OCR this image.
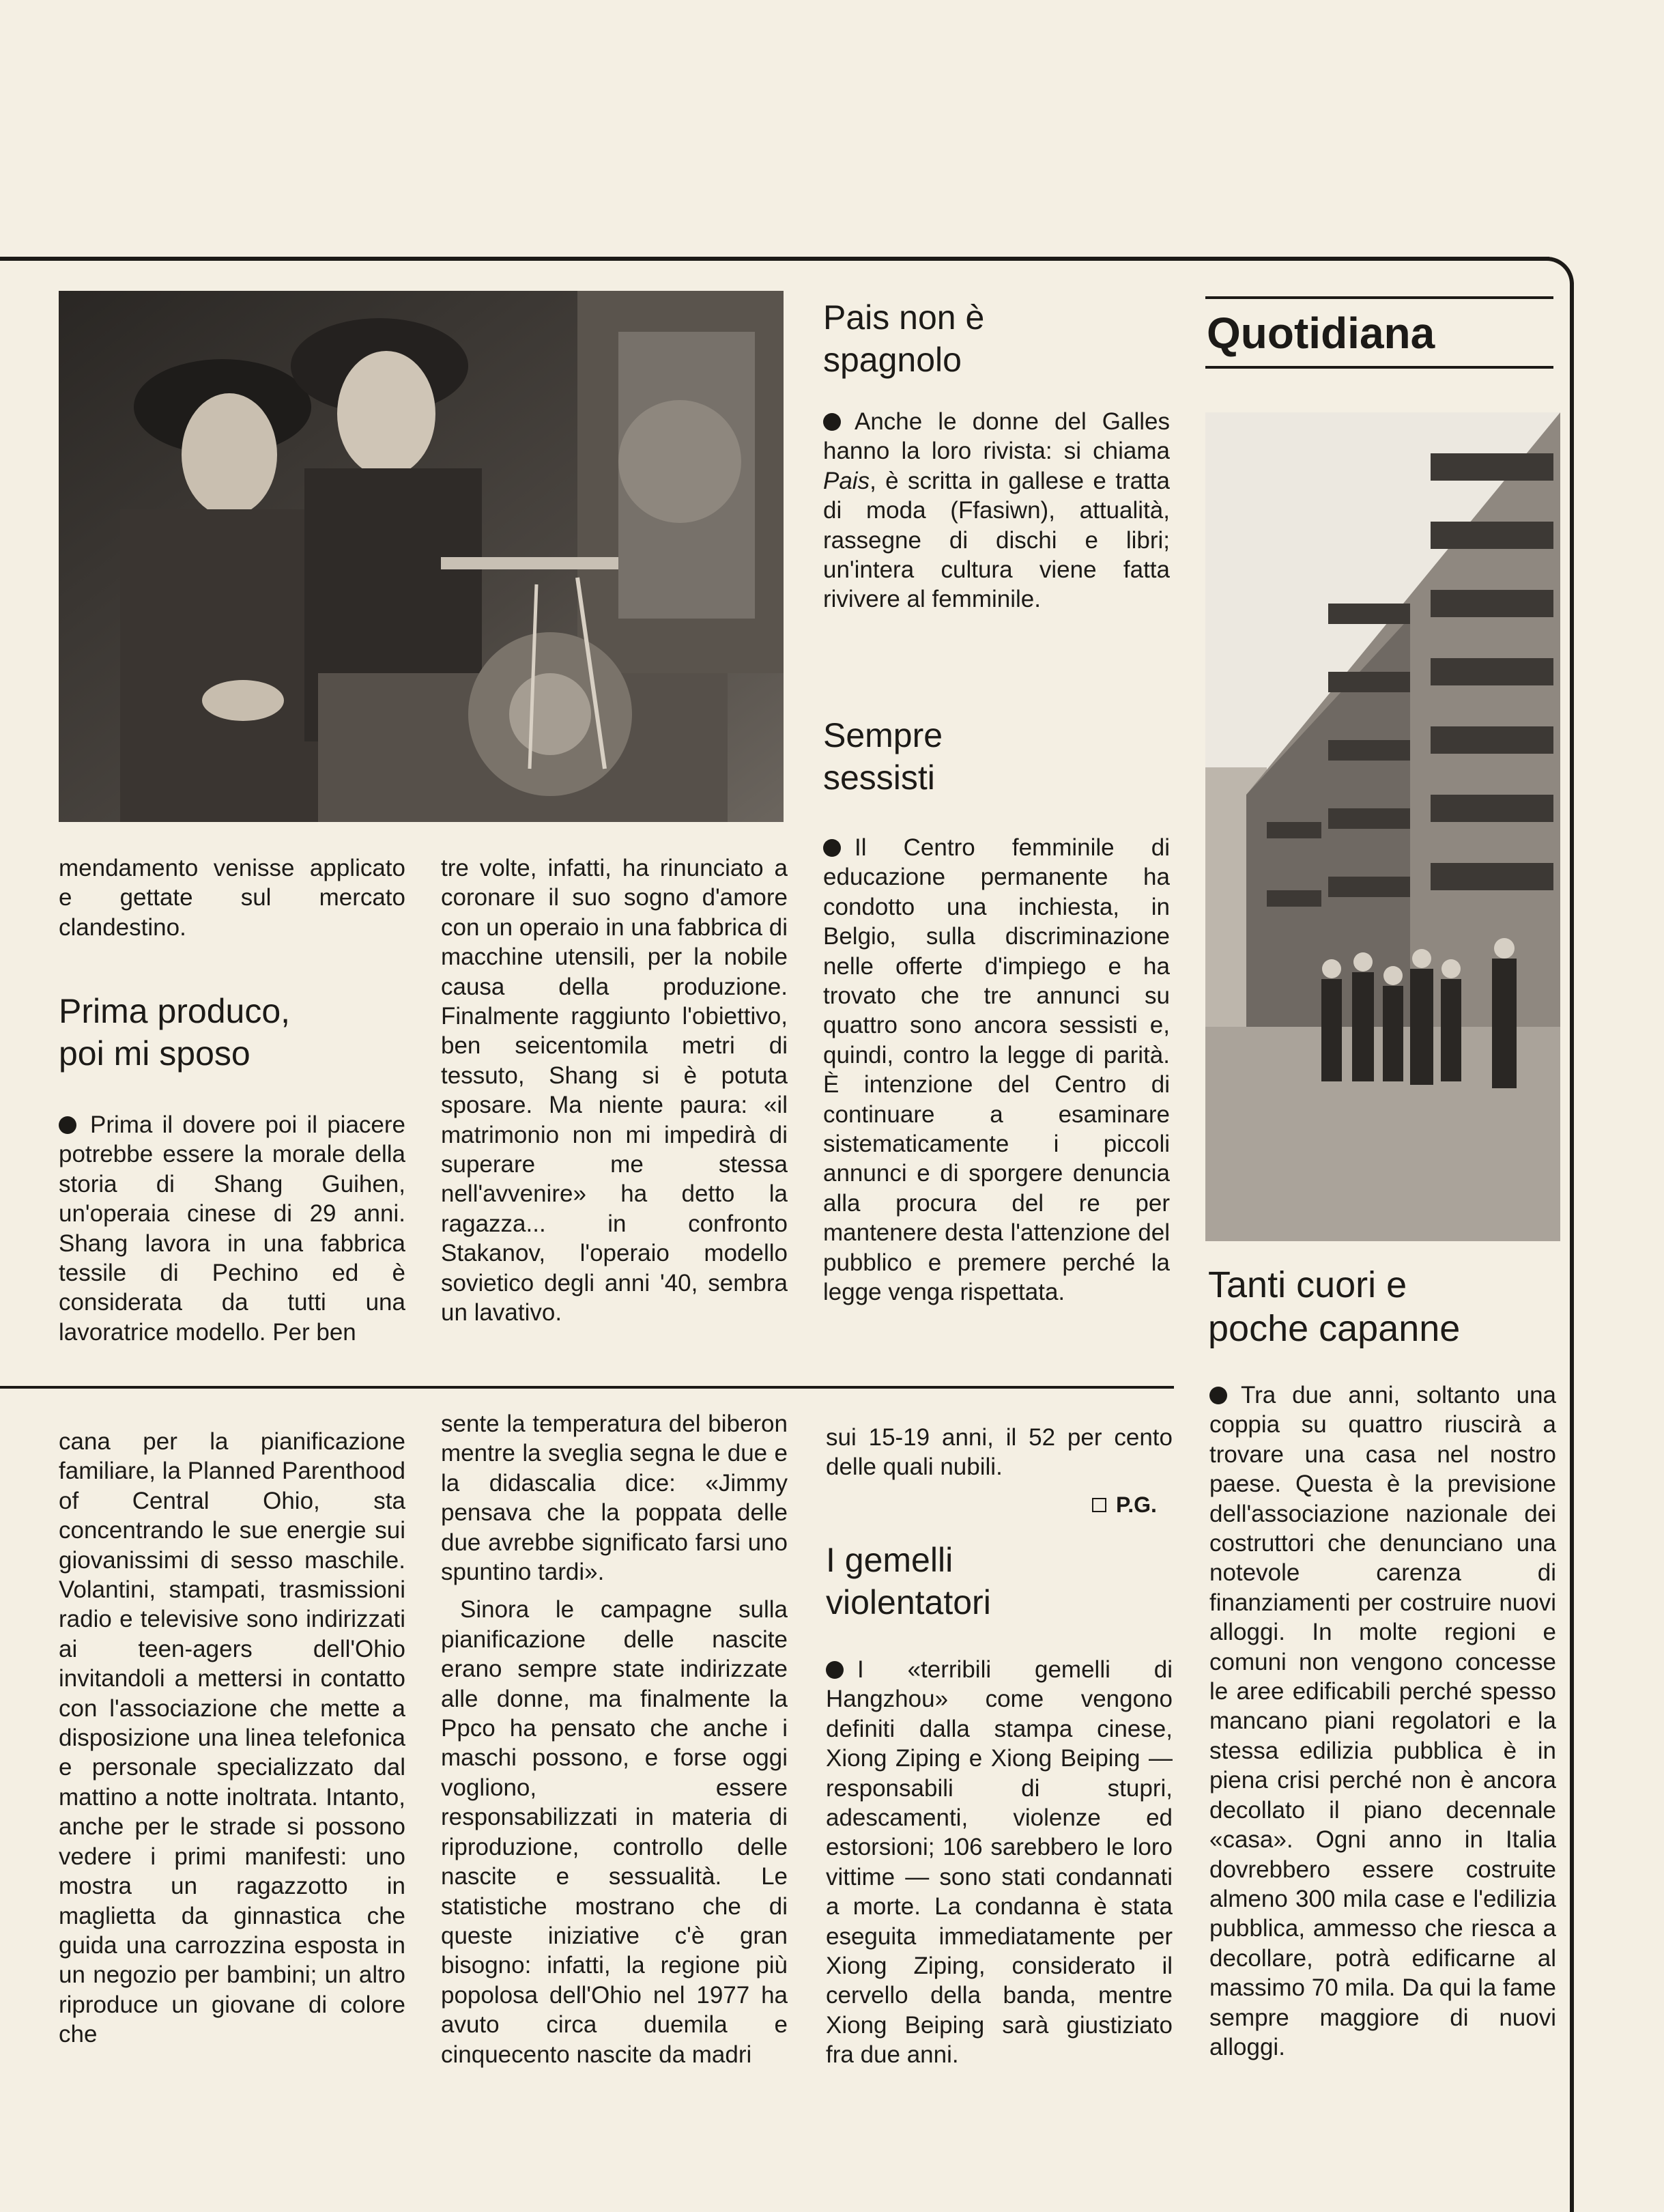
mendamento venisse applicato e gettate sul mercato clandestino.
Prima produco,
poi mi sposo
Prima il dovere poi il piacere potrebbe essere la morale della storia di Shang Guihen, un'operaia cinese di 29 anni. Shang lavora in una fabbrica tessile di Pechino ed è considerata da tutti una lavoratrice modello. Per ben
tre volte, infatti, ha rinunciato a coronare il suo sogno d'amore con un operaio in una fabbrica di macchine utensili, per la nobile causa della produzione. Finalmente raggiunto l'obiettivo, ben seicentomila metri di tessuto, Shang si è potuta sposare. Ma niente paura: «il matrimonio non mi impedirà di superare me stessa nell'avvenire» ha detto la ragazza... in confronto Stakanov, l'operaio modello sovietico degli anni '40, sembra un lavativo.
Pais non è
spagnolo
Anche le donne del Galles hanno la loro rivista: si chiama Pais, è scritta in gallese e tratta di moda (Ffasiwn), attualità, rassegne di dischi e libri; un'intera cultura viene fatta rivivere al femminile.
Sempre
sessisti
Il Centro femminile di educazione permanente ha condotto una inchiesta, in Belgio, sulla discriminazione nelle offerte d'impiego e ha trovato che tre annunci su quattro sono ancora sessisti e, quindi, contro la legge di parità. È intenzione del Centro di continuare a esaminare sistematicamente i piccoli annunci e di sporgere denuncia alla procura del re per mantenere desta l'attenzione del pubblico e premere perché la legge venga rispettata.
Quotidiana
Tanti cuori e
poche capanne
cana per la pianificazione familiare, la Planned Parenthood of Central Ohio, sta concentrando le sue energie sui giovanissimi di sesso maschile. Volantini, stampati, trasmissioni radio e televisive sono indirizzati ai teen-agers dell'Ohio invitandoli a mettersi in contatto con l'associazione che mette a disposizione una linea telefonica e personale specializzato dal mattino a notte inoltrata. Intanto, anche per le strade si possono vedere i primi manifesti: uno mostra un ragazzotto in maglietta da ginnastica che guida una carrozzina esposta in un negozio per bambini; un altro riproduce un giovane di colore che

sente la temperatura del biberon mentre la sveglia segna le due e la didascalia dice: «Jimmy pensava che la poppata delle due avrebbe significato farsi uno spuntino tardi».

Sinora le campagne sulla pianificazione delle nascite erano sempre state indirizzate alle donne, ma finalmente la Ppco ha pensato che anche i maschi possono, e forse oggi vogliono, essere responsabilizzati in materia di riproduzione, controllo delle nascite e sessualità. Le statistiche mostrano che di queste iniziative c'è gran bisogno: infatti, la regione più popolosa dell'Ohio nel 1977 ha avuto circa duemila e cinquecento nascite da madri

sui 15-19 anni, il 52 per cento delle quali nubili.
P.G.
I gemelli
violentatori
I «terribili gemelli di Hangzhou» come vengono definiti dalla stampa cinese, Xiong Ziping e Xiong Beiping — responsabili di stupri, adescamenti, violenze ed estorsioni; 106 sarebbero le loro vittime — sono stati condannati a morte. La condanna è stata eseguita immediatamente per Xiong Ziping, considerato il cervello della banda, mentre Xiong Beiping sarà giustiziato fra due anni.
Tra due anni, soltanto una coppia su quattro riuscirà a trovare una casa nel nostro paese. Questa è la previsione dell'associazione nazionale dei costruttori che denunciano una notevole carenza di finanziamenti per costruire nuovi alloggi. In molte regioni e comuni non vengono concesse le aree edificabili perché spesso mancano piani regolatori e la stessa edilizia pubblica è in piena crisi perché non è ancora decollato il piano decennale «casa». Ogni anno in Italia dovrebbero essere costruite almeno 300 mila case e l'edilizia pubblica, ammesso che riesca a decollare, potrà edificarne al massimo 70 mila. Da qui la fame sempre maggiore di nuovi alloggi.
